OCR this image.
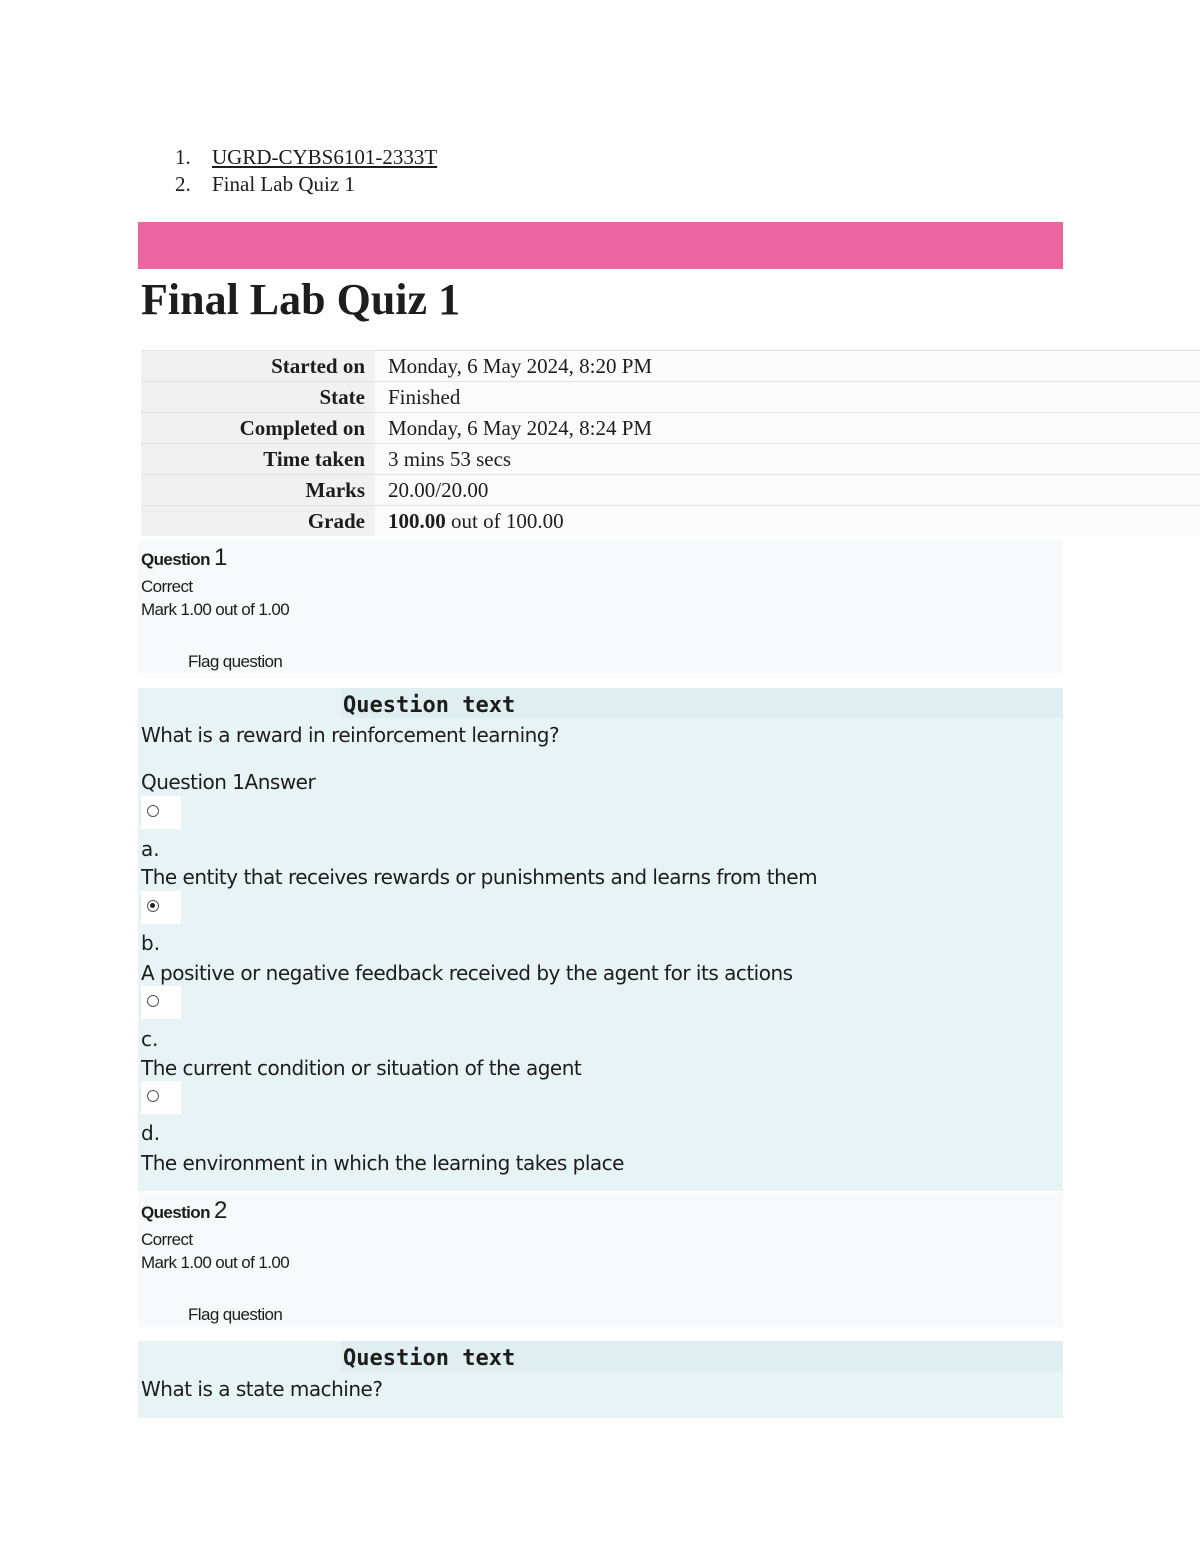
1.	UGRD-CYBS6101-2333T
2.	Final Lab Quiz 1
Final Lab Quiz 1
Started on	Monday, 6 May 2024, 8:20 PM
State	Finished
Completed on	Monday, 6 May 2024, 8:24 PM
Time taken	3 mins 53 secs
Marks	20.00/20.00
Grade	100.00 out of 100.00
Question 1
Correct
Mark 1.00 out of 1.00
Flag question
Question text
What is a reward in reinforcement learning?
Question 1Answer
a.
The entity that receives rewards or punishments and learns from them
b.
A positive or negative feedback received by the agent for its actions
c.
The current condition or situation of the agent
d.
The environment in which the learning takes place
Question 2
Correct
Mark 1.00 out of 1.00
Flag question
Question text
What is a state machine?
